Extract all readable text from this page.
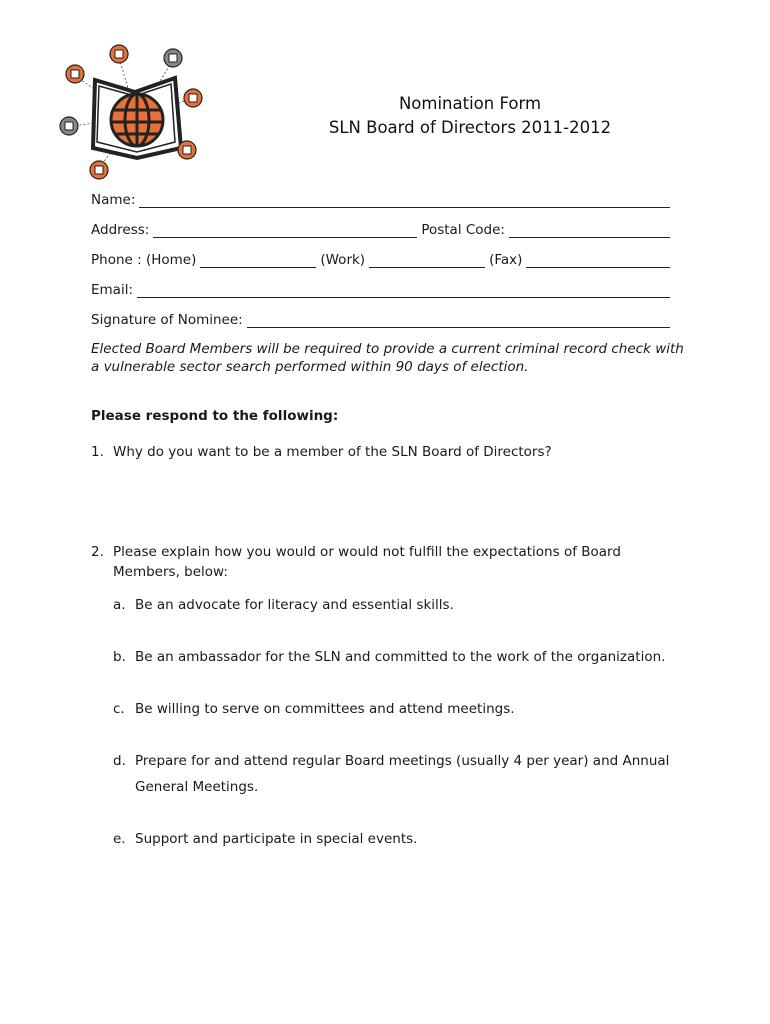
Nomination Form
SLN Board of Directors 2011-2012
Name:
Address:	Postal Code:
Phone : (Home)	(Work)	(Fax)
Email:
Signature of Nominee:
Elected Board Members will be required to provide a current criminal record check with a vulnerable sector search performed within 90 days of election.
Please respond to the following:
1. Why do you want to be a member of the SLN Board of Directors?
2. Please explain how you would or would not fulfill the expectations of Board
Members, below:
a. Be an advocate for literacy and essential skills.
b. Be an ambassador for the SLN and committed to the work of the organization.
c. Be willing to serve on committees and attend meetings.
d. Prepare for and attend regular Board meetings (usually 4 per year) and Annual
General Meetings.
e. Support and participate in special events.
